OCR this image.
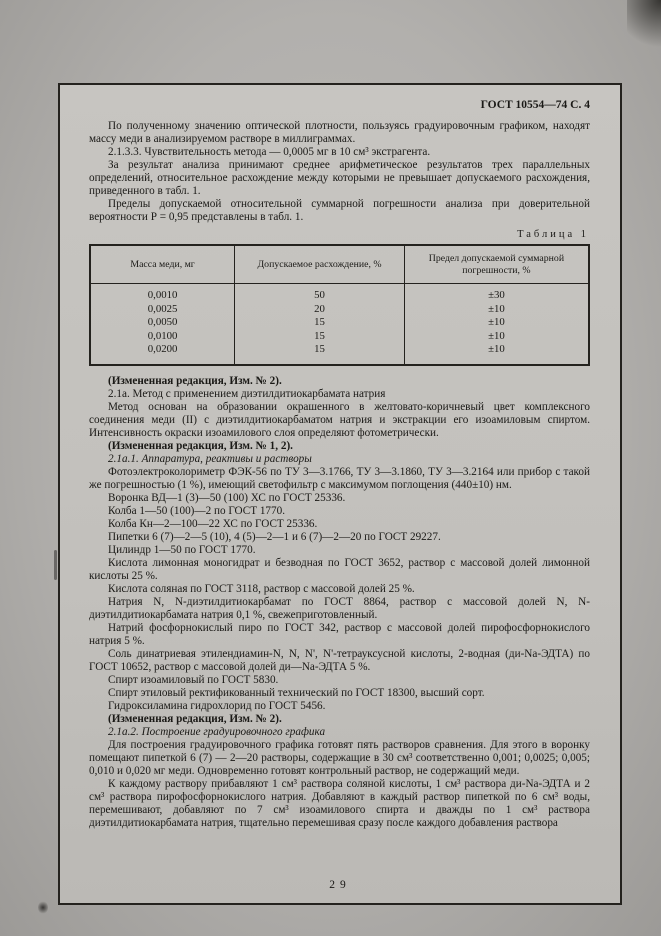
ГОСТ 10554—74 С. 4

По полученному значению оптической плотности, пользуясь градуировочным графиком, находят массу меди в анализируемом растворе в миллиграммах.

2.1.3.3. Чувствительность метода — 0,0005 мг в 10 см³ экстрагента.

За результат анализа принимают среднее арифметическое результатов трех параллельных определений, относительное расхождение между которыми не превышает допускаемого расхождения, приведенного в табл. 1.

Пределы допускаемой относительной суммарной погрешности анализа при доверительной вероятности Р = 0,95 представлены в табл. 1.

Таблица 1
Масса меди, мг	Допускаемое расхождение, %	Предел допускаемой суммарной погрешности, %
0,0010	50	±30
0,0025	20	±10
0,0050	15	±10
0,0100	15	±10
0,0200	15	±10

(Измененная редакция, Изм. № 2).

2.1а. Метод с применением диэтилдитиокарбамата натрия

Метод основан на образовании окрашенного в желтовато-коричневый цвет комплексного соединения меди (II) с диэтилдитиокарбаматом натрия и экстракции его изоамиловым спиртом. Интенсивность окраски изоамилового слоя определяют фотометрически.

(Измененная редакция, Изм. № 1, 2).

2.1а.1. Аппаратура, реактивы и растворы

Фотоэлектроколориметр ФЭК-56 по ТУ 3—3.1766, ТУ 3—3.1860, ТУ 3—3.2164 или прибор с такой же погрешностью (1 %), имеющий светофильтр с максимумом поглощения (440±10) нм.

Воронка ВД—1 (3)—50 (100) ХС по ГОСТ 25336.

Колба 1—50 (100)—2 по ГОСТ 1770.

Колба Кн—2—100—22 ХС по ГОСТ 25336.

Пипетки 6 (7)—2—5 (10), 4 (5)—2—1 и 6 (7)—2—20 по ГОСТ 29227.

Цилиндр 1—50 по ГОСТ 1770.

Кислота лимонная моногидрат и безводная по ГОСТ 3652, раствор с массовой долей лимонной кислоты 25 %.

Кислота соляная по ГОСТ 3118, раствор с массовой долей 25 %.

Натрия N, N-диэтилдитиокарбамат по ГОСТ 8864, раствор с массовой долей N, N-диэтилдитиокарбамата натрия 0,1 %, свежеприготовленный.

Натрий фосфорнокислый пиро по ГОСТ 342, раствор с массовой долей пирофосфорнокислого натрия 5 %.

Соль динатриевая этилендиамин-N, N, N', N'-тетрауксусной кислоты, 2-водная (ди-Na-ЭДТА) по ГОСТ 10652, раствор с массовой долей ди—Na-ЭДТА 5 %.

Спирт изоамиловый по ГОСТ 5830.

Спирт этиловый ректификованный технический по ГОСТ 18300, высший сорт.

Гидроксиламина гидрохлорид по ГОСТ 5456.

(Измененная редакция, Изм. № 2).

2.1а.2. Построение градуировочного графика

Для построения градуировочного графика готовят пять растворов сравнения. Для этого в воронку помещают пипеткой 6 (7) — 2—20 растворы, содержащие в 30 см³ соответственно 0,001; 0,0025; 0,005; 0,010 и 0,020 мг меди. Одновременно готовят контрольный раствор, не содержащий меди.

К каждому раствору прибавляют 1 см³ раствора соляной кислоты, 1 см³ раствора ди-Na-ЭДТА и 2 см³ раствора пирофосфорнокислого натрия. Добавляют в каждый раствор пипеткой по 6 см³ воды, перемешивают, добавляют по 7 см³ изоамилового спирта и дважды по 1 см³ раствора диэтилдитиокарбамата натрия, тщательно перемешивая сразу после каждого добавления раствора

29
